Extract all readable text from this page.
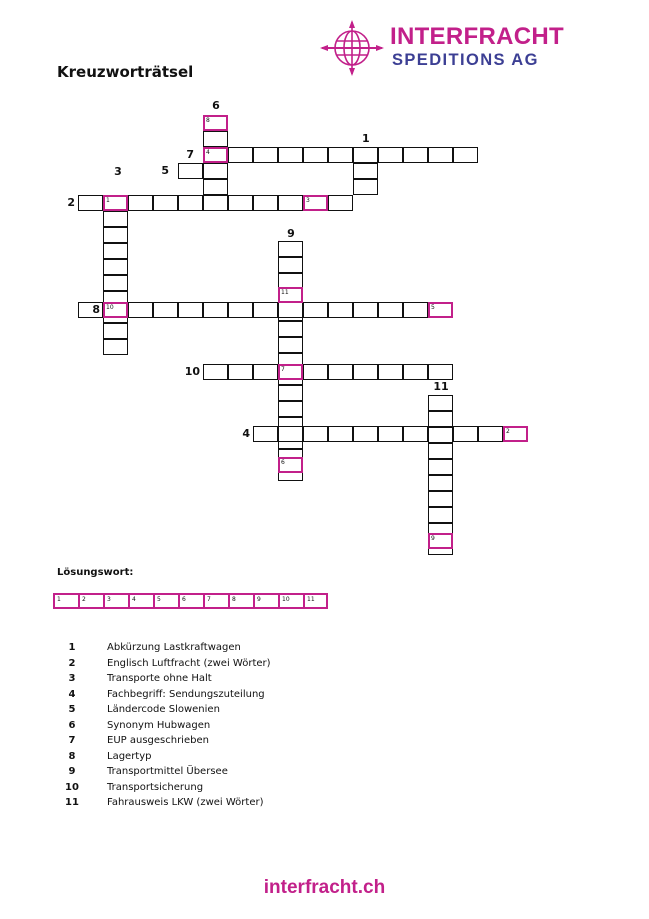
Kreuzworträtsel
INTERFRACHT
SPEDITIONS AG
4
8
1	3
10	5
7
2
11
6
9
1
2
3
4
5
6
7
8
9
10
11
Lösungswort:
1	2	3	4	5	6	7	8	9	10	11
1	Abkürzung Lastkraftwagen
2	Englisch Luftfracht (zwei Wörter)
3	Transporte ohne Halt
4	Fachbegriff: Sendungszuteilung
5	Ländercode Slowenien
6	Synonym Hubwagen
7	EUP ausgeschrieben
8	Lagertyp
9	Transportmittel Übersee
10	Transportsicherung
11	Fahrausweis LKW (zwei Wörter)
interfracht.ch
